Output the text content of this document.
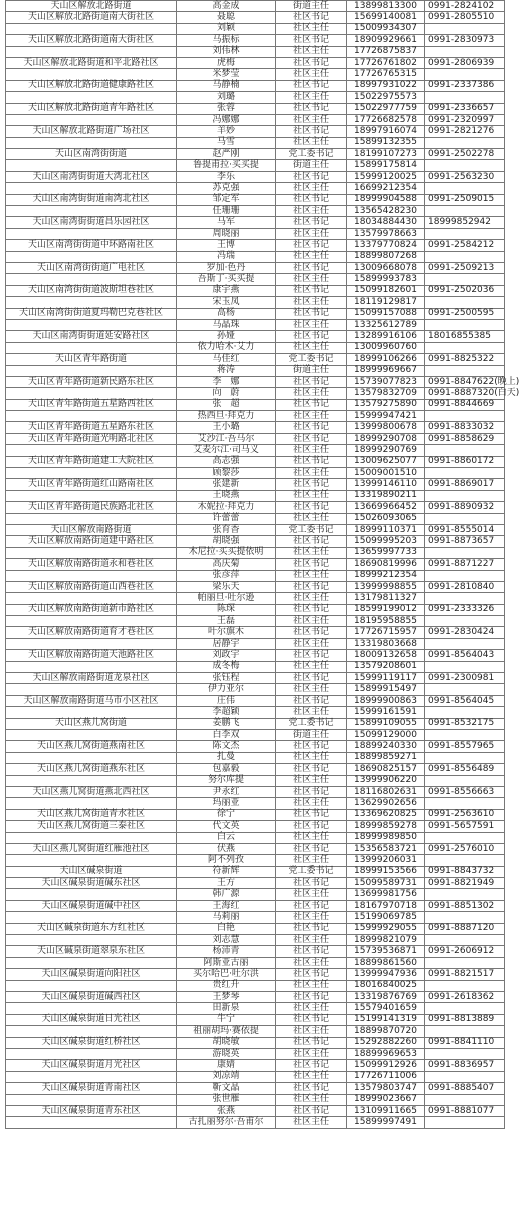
天山区解放北路街道	高金成	街道主任	13899813300	0991-2824102
天山区解放北路街道南大街社区	聂聪	社区书记	15699140081	0991-2805510
	刘颖	社区主任	15009934307	
天山区解放北路街道南大街社区	马振标	社区书记	18909929661	0991-2830973
	刘伟林	社区主任	17726875837	
天山区解放北路街道和平北路社区	虎梅	社区书记	17726761802	0991-2806939
	米梦莹	社区主任	17726765315	
天山区解放北路街道健康路社区	马静楠	社区书记	18997931022	0991-2337386
	刘璐	社区主任	15022975573	
天山区解放北路街道青年路社区	张蓉	社区书记	15022977759	0991-2336657
	冯娜娜	社区主任	17726682578	0991-2320997
天山区解放北路街道广场社区	羊妙	社区书记	18997916074	0991-2821276
	马雪	社区主任	15899132355	
天山区南湾街街道	赵严刚	党工委书记	18199107273	0991-2502278
	鲁提甫拉·买买提	街道主任	15899175814	
天山区南湾街街道大湾北社区	李乐	社区书记	15999120025	0991-2563230
	苏克强	社区主任	16699212354	
天山区南湾街街道南湾北社区	邹定军	社区书记	18999904588	0991-2509015
	任珊珊	社区主任	13565428230	
天山区南湾街街道昌乐园社区	马军	社区书记	18034884430	18999852942
	周晓丽	社区主任	13579978663	
天山区南湾街街道中环路南社区	王博	社区书记	13379770824	0991-2584212
	冯瑞	社区主任	18899807268	
天山区南湾街街道广电社区	罗加·色丹	社区书记	13009668078	0991-2509213
	吾斯丁·买买提	社区主任	15899993783	
天山区南湾街街道波斯坦巷社区	康宇燕	社区书记	15099182601	0991-2502036
	宋玉凤	社区主任	18119129817	
天山区南湾街街道夏玛勒巴克巷社区	高杨	社区书记	15099157088	0991-2500595
	马晶珠	社区主任	13325612789	
天山区南湾街街道延安路社区	孙娅	社区书记	13289916106	18016855385
	依力哈木·艾力	社区主任	13009960760	
天山区青年路街道	马佳红	党工委书记	18999106266	0991-8825322
	蒋涛	街道主任	18999969667	
天山区青年路街道新民路东社区	李　娜	社区书记	15739077823	0991-8847622(晚上)
	向　蔚	社区主任	13579832709	0991-8887320(白天)
天山区青年路街道五星路西社区	张　超	社区书记	13579275890	0991-8844669
	热西旦·拜克力	社区主任	15999947421	
天山区青年路街道五星路东社区	王小璐	社区书记	13999800678	0991-8833032
天山区青年路街道光明路北社区	艾沙江·吾马尔	社区书记	18999290708	0991-8858629
	艾麦尔江·司马义	社区主任	18999290769	
天山区青年路街道建工大院社区	高志强	社区书记	13009625077	0991-8860172
	顾黎莎	社区主任	15009001510	
天山区青年路街道红山路南社区	张建新	社区书记	13999146110	0991-8869017
	王晓燕	社区主任	13319890211	
天山区青年路街道民族路北社区	木妮拉·拜克力	社区书记	13669966452	0991-8890932
	许蕾蕾	社区主任	15026093065	
天山区解放南路街道	张育香	党工委书记	18999110371	0991-8555014
天山区解放南路街道建中路社区	胡晓强	社区书记	15099995203	0991-8873657
	木尼拉·买买提依明	社区主任	13659997733	
天山区解放南路街道永和巷社区	高庆菊	社区书记	18690819996	0991-8871227
	张彦萍	社区主任	18999212354	
天山区解放南路街道山西巷社区	梁乐天	社区书记	13999998855	0991-2810840
	帕丽旦·吐尔逊	社区主任	13179811327	
天山区解放南路街道新市路社区	陈琛	社区书记	18599199012	0991-2333326
	王磊	社区主任	18195958855	
天山区解放南路街道育才巷社区	叶尔旗木	社区书记	17726715957	0991-2830424
	居静宇	社区主任	13319803668	
天山区解放南路街道天池路社区	刘政宇	社区书记	18009132658	0991-8564043
	成冬梅	社区主任	13579208601	
天山区解放南路街道龙泉社区	张钰程	社区书记	15999119117	0991-2300981
	伊力亚尔	社区主任	15899915497	
天山区解放南路街道马市小区社区	庄伟	社区书记	18999900863	0991-8564045
	李超颖	社区主任	15999161591	
天山区燕儿窝街道	姜鹏飞	党工委书记	15899109055	0991-8532175
	白李双	街道主任	15099129000	
天山区燕儿窝街道燕南社区	陈文杰	社区书记	18899240330	0991-8557965
	扎曼	社区主任	18899859271	
天山区燕儿窝街道燕东社区	包嘉毅	社区书记	18690825157	0991-8556489
	努尔库提	社区主任	13999906220	
天山区燕儿窝街道燕北西社区	尹永红	社区书记	18116802631	0991-8556663
	玛丽亚	社区主任	13629902656	
天山区燕儿窝街道青水社区	徐宁	社区书记	13369620825	0991-2563610
天山区燕儿窝街道三泰社区	代文英	社区书记	18999859278	0991-5657591
	白云	社区主任	18999989850	
天山区燕儿窝街道红雁池社区	伏燕	社区书记	15356583721	0991-2576010
	阿不列孜	社区主任	13999206031	
天山区碱泉街道	符新辉	党工委书记	18999153566	0991-8843732
天山区碱泉街道碱东社区	王方	社区书记	15099589731	0991-8821949
	韩广源	社区主任	13699981756	
天山区碱泉街道碱中社区	王海红	社区书记	18167970718	0991-8851302
	马莉丽	社区主任	15199069785	
天山区碱泉街道东方红社区	白艳	社区书记	15999929055	0991-8887120
	刘志慧	社区主任	18999821079	
天山区碱泉街道翠泉东社区	杨沛青	社区书记	15739536871	0991-2606912
	阿斯亚古丽	社区主任	18899861560	
天山区碱泉街道向阳社区	买尔哈巴·吐尔洪	社区书记	13999947936	0991-8821517
	贵红升	社区主任	18016840025	
天山区碱泉街道碱西社区	王梦琴	社区书记	13319876769	0991-2618362
	田新泉	社区主任	15579401659	
天山区碱泉街道日光社区	牛宁	社区书记	15199141319	0991-8813889
	祖丽胡玛·赛依提	社区主任	18899870720	
天山区碱泉街道红桥社区	胡晓敏	社区书记	15292882260	0991-8841110
	游晓英	社区主任	18899969653	
天山区碱泉街道月光社区	康婧	社区书记	15099912926	0991-8836957
	刘凉靖	社区主任	17726711006	
天山区碱泉街道青南社区	靳文晶	社区书记	13579803747	0991-8885407
	张世雁	社区主任	18999023667	
天山区碱泉街道青东社区	张燕	社区书记	13109911665	0991-8881077
	古扎丽努尔·吾甫尔	社区主任	15899997491	
